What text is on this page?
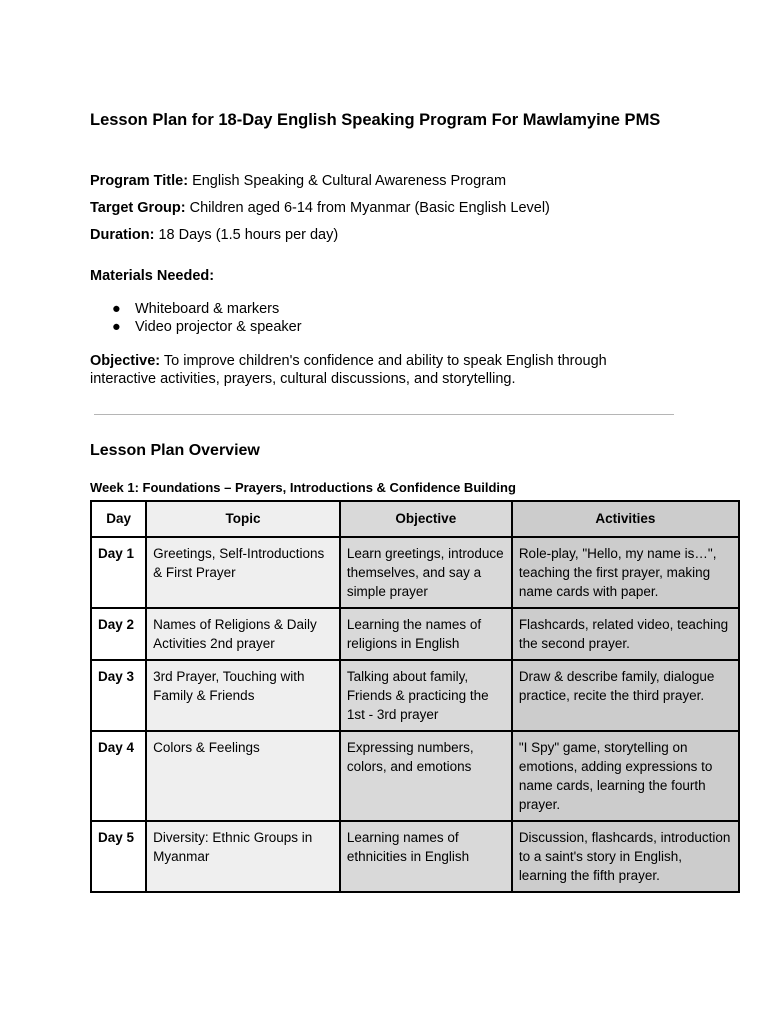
Lesson Plan for 18-Day English Speaking Program For Mawlamyine PMS
Program Title: English Speaking & Cultural Awareness Program
Target Group: Children aged 6-14 from Myanmar (Basic English Level)
Duration: 18 Days (1.5 hours per day)
Materials Needed:
● Whiteboard & markers
● Video projector & speaker
Objective: To improve children's confidence and ability to speak English through interactive activities, prayers, cultural discussions, and storytelling.
Lesson Plan Overview
Week 1: Foundations – Prayers, Introductions & Confidence Building
Day	Topic	Objective	Activities
Day 1	Greetings, Self-Introductions & First Prayer	Learn greetings, introduce themselves, and say a simple prayer	Role-play, "Hello, my name is…", teaching the first prayer, making name cards with paper.
Day 2	Names of Religions & Daily Activities 2nd prayer	Learning the names of religions in English	Flashcards, related video, teaching the second prayer.
Day 3	3rd Prayer, Touching with Family & Friends	Talking about family, Friends & practicing the 1st - 3rd prayer	Draw & describe family, dialogue practice, recite the third prayer.
Day 4	Colors & Feelings	Expressing numbers, colors, and emotions	"I Spy" game, storytelling on emotions, adding expressions to name cards, learning the fourth prayer.
Day 5	Diversity: Ethnic Groups in Myanmar	Learning names of ethnicities in English	Discussion, flashcards, introduction to a saint's story in English, learning the fifth prayer.
